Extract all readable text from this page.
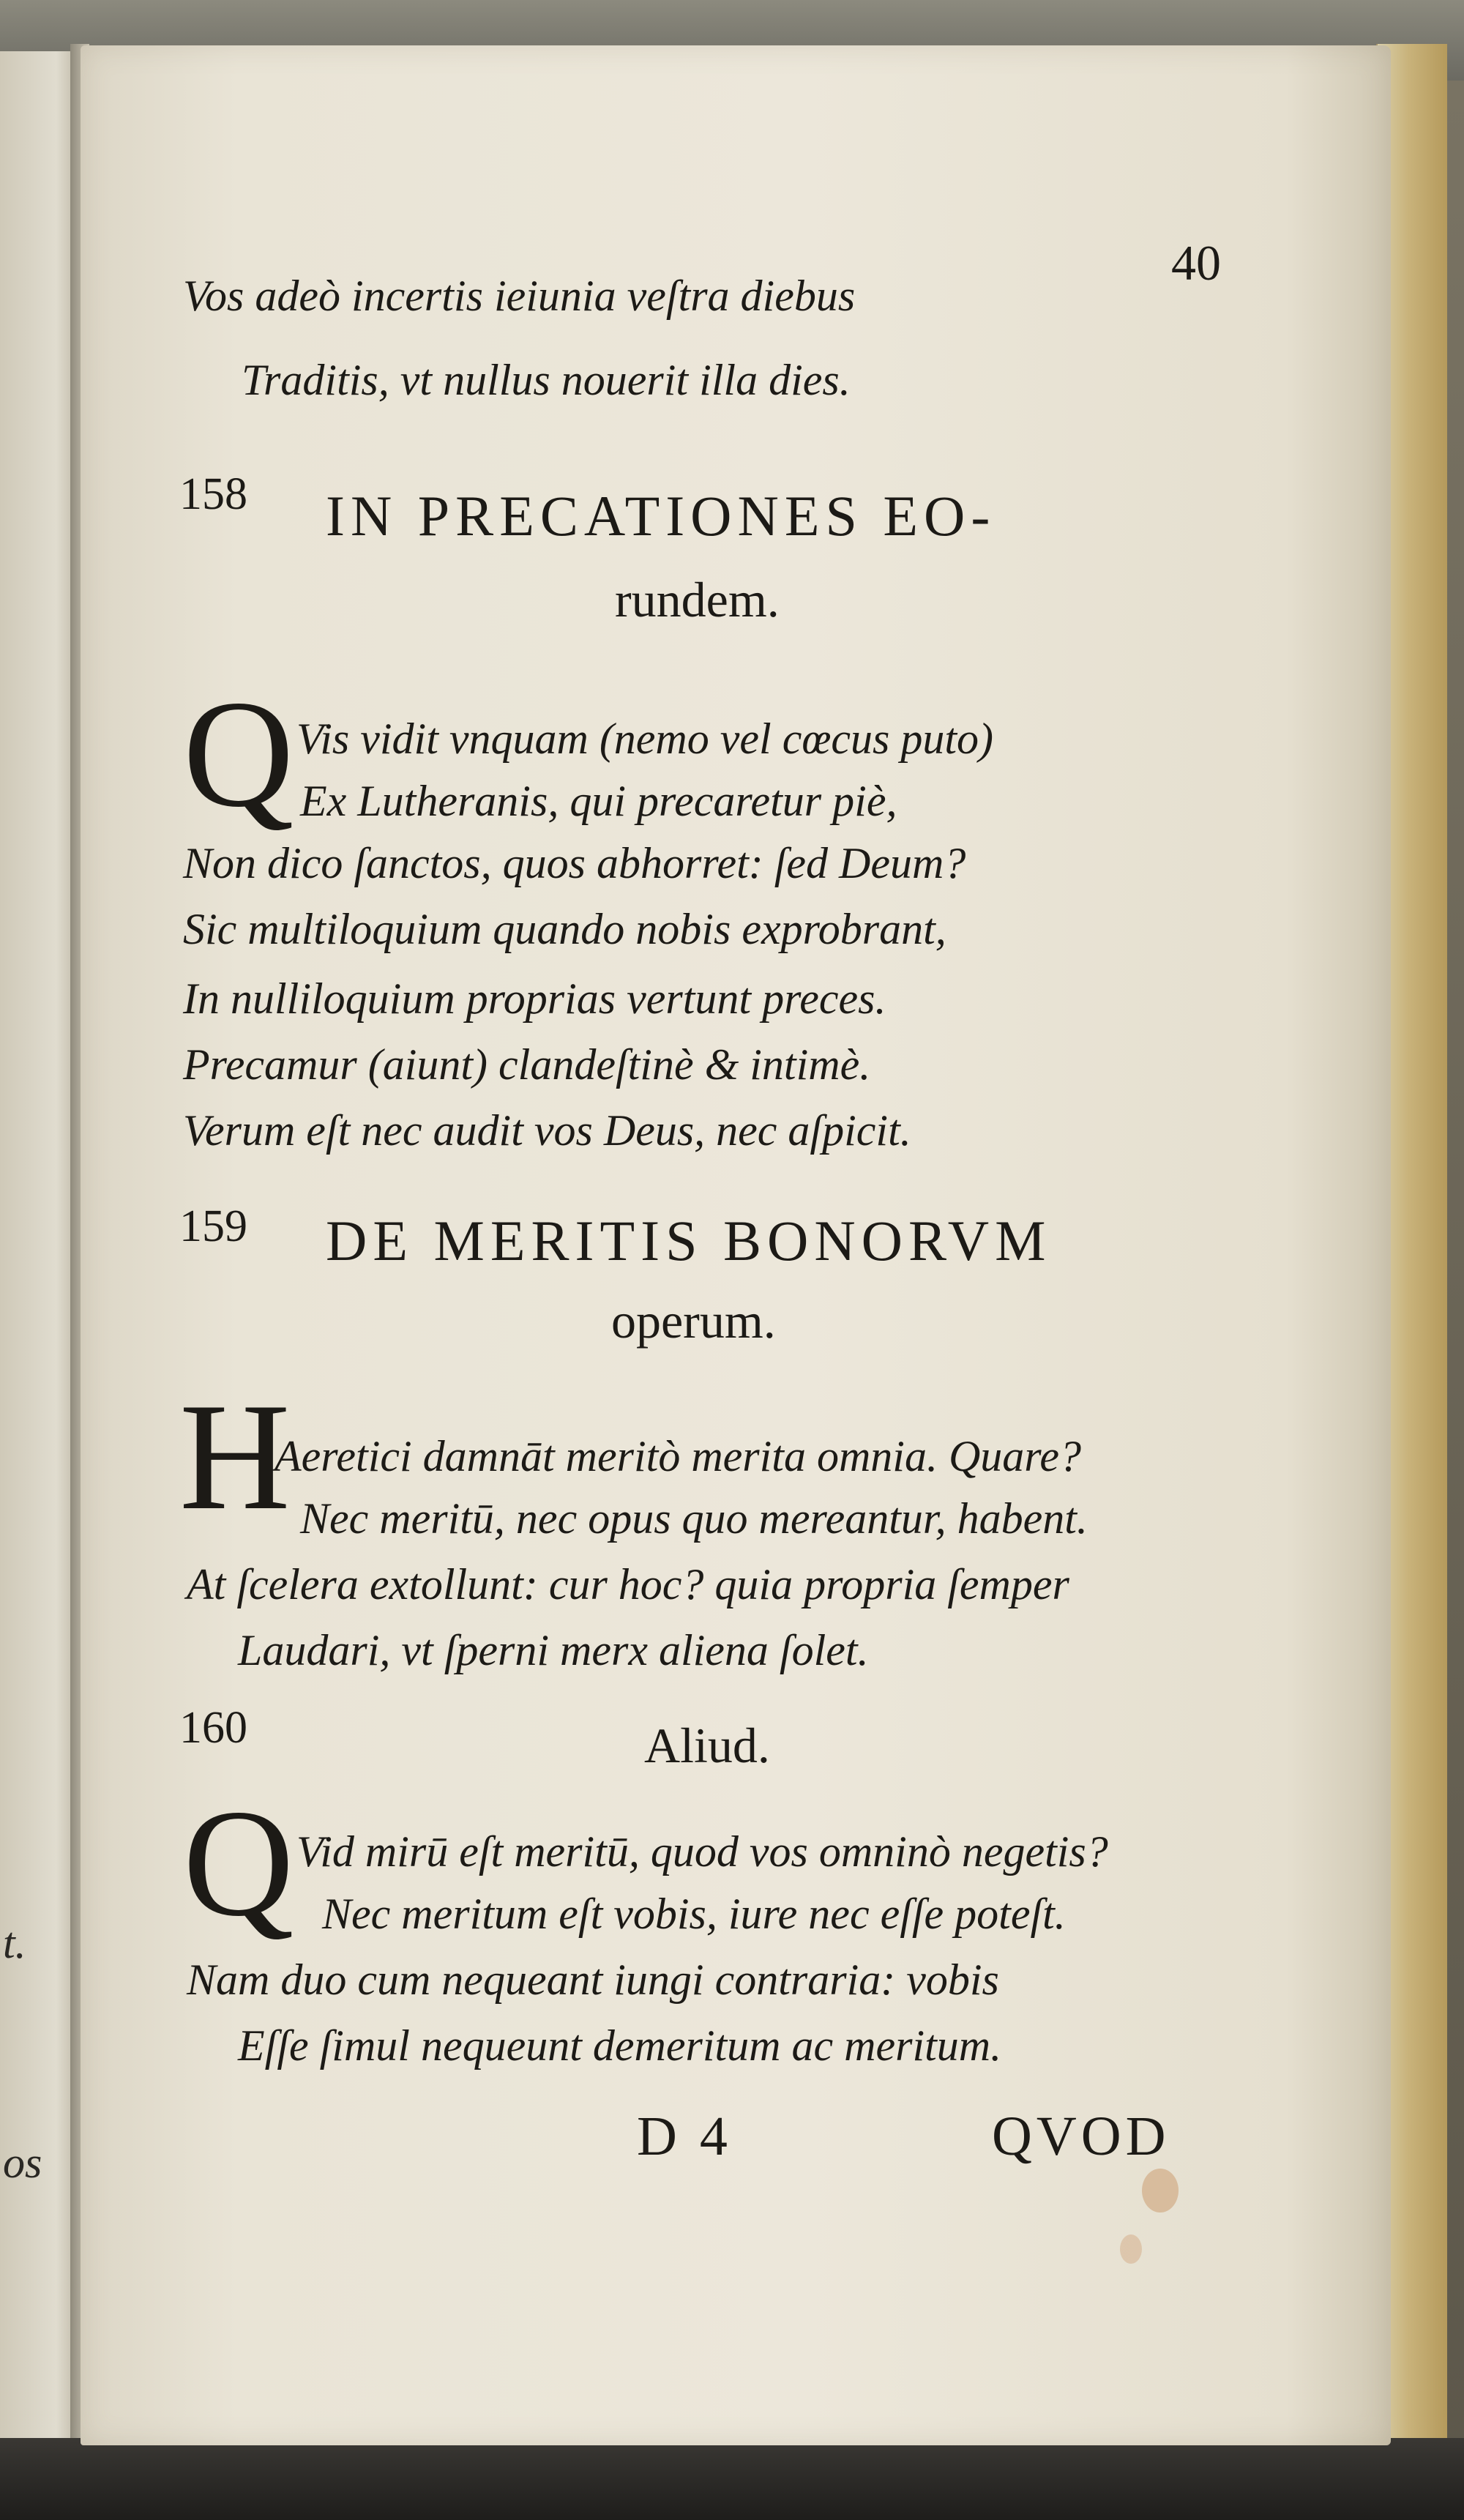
t.
os
40
Vos adeò incertis ieiunia veſtra diebus
Traditis, vt nullus nouerit illa dies.
158 IN PRECATIONES EO-
rundem.
Q Vis vidit vnquam (nemo vel cœcus puto)
Ex Lutheranis, qui precaretur piè,
Non dico ſanctos, quos abhorret: ſed Deum?
Sic multiloquium quando nobis exprobrant,
In nulliloquium proprias vertunt preces.
Precamur (aiunt) clandeſtinè & intimè.
Verum eſt nec audit vos Deus, nec aſpicit.
159 DE MERITIS BONORVM
operum.
H
Aeretici damnāt meritò merita omnia. Quare?
Nec meritū, nec opus quo mereantur, habent.
At ſcelera extollunt: cur hoc? quia propria ſemper
Laudari, vt ſperni merx aliena ſolet.
160	Aliud.
Q Vid mirū eſt meritū, quod vos omninò negetis?
Nec meritum eſt vobis, iure nec eſſe poteſt.
Nam duo cum nequeant iungi contraria: vobis
Eſſe ſimul nequeunt demeritum ac meritum.
D 4	QVOD
